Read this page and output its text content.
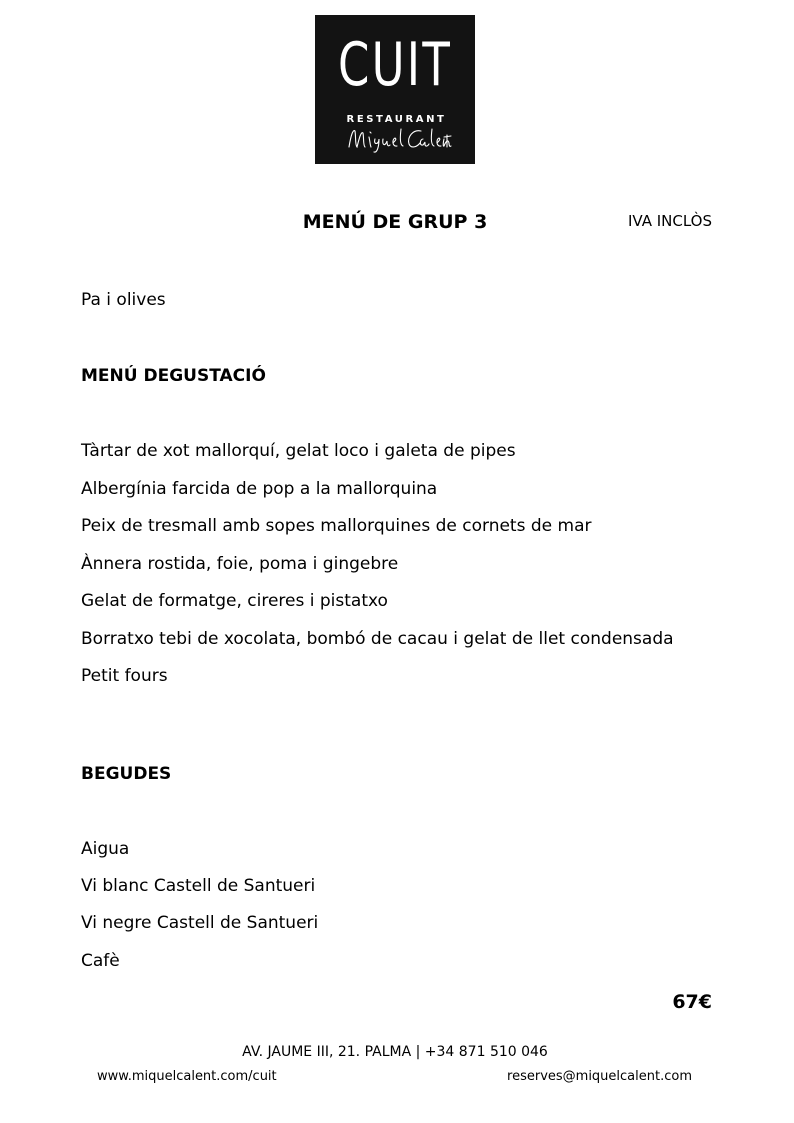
CUIT
RESTAURANT
MENÚ DE GRUP 3	IVA INCLÒS
Pa i olives
MENÚ DEGUSTACIÓ
Tàrtar de xot mallorquí, gelat loco i galeta de pipes
Albergínia farcida de pop a la mallorquina
Peix de tresmall amb sopes mallorquines de cornets de mar
Ànnera rostida, foie, poma i gingebre
Gelat de formatge, cireres i pistatxo
Borratxo tebi de xocolata, bombó de cacau i gelat de llet condensada
Petit fours
BEGUDES
Aigua
Vi blanc Castell de Santueri
Vi negre Castell de Santueri
Cafè
67€
AV. JAUME III, 21. PALMA | +34 871 510 046
www.miquelcalent.com/cuit	reserves@miquelcalent.com
